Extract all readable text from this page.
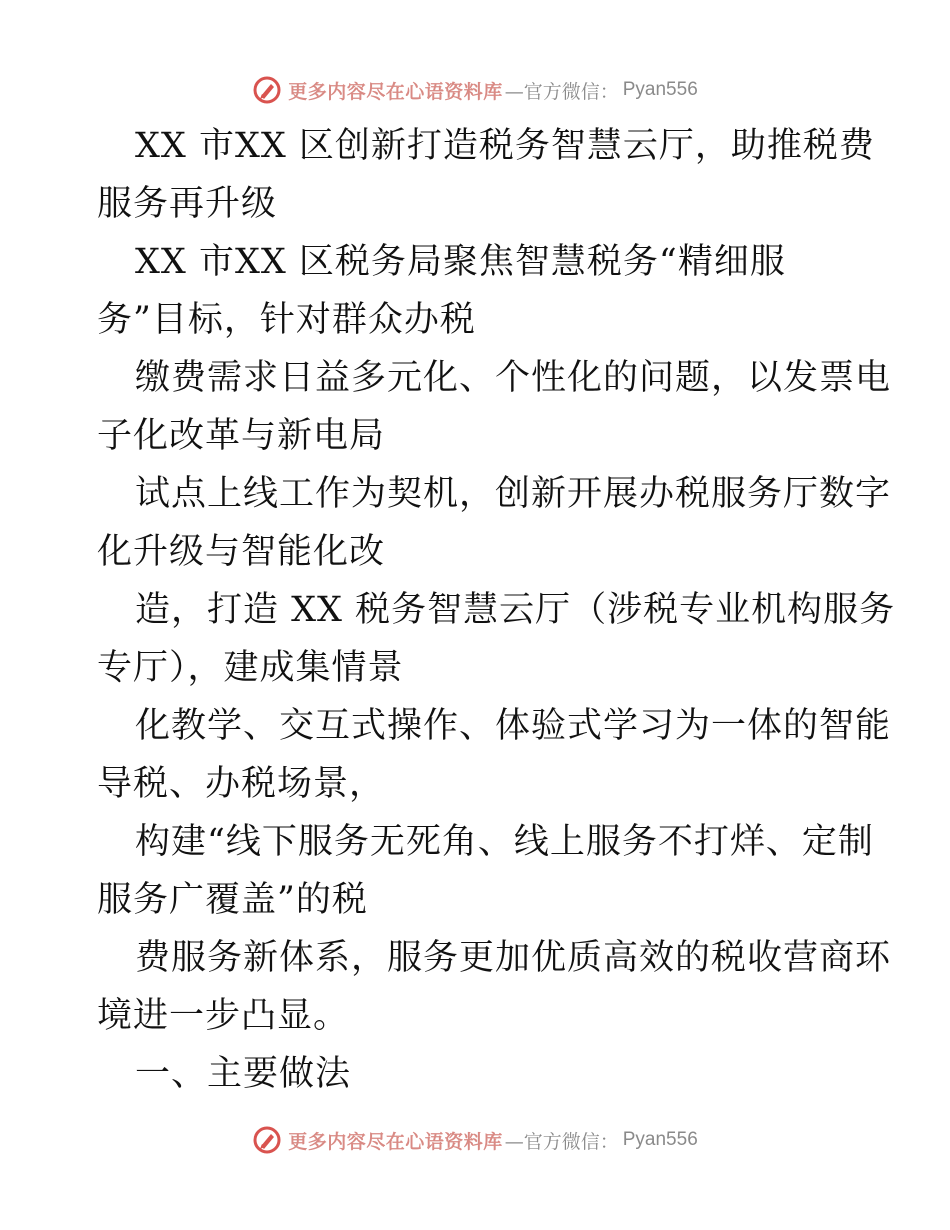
更多内容尽在心语资料库 —官方微信： Pyan556
XX 市XX 区创新打造税务智慧云厅，助推税费
服务再升级
XX 市XX 区税务局聚焦智慧税务“精细服
务”目标，针对群众办税
缴费需求日益多元化、个性化的问题，以发票电
子化改革与新电局
试点上线工作为契机，创新开展办税服务厅数字
化升级与智能化改
造，打造 XX 税务智慧云厅（涉税专业机构服务
专厅），建成集情景
化教学、交互式操作、体验式学习为一体的智能
导税、办税场景，
构建“线下服务无死角、线上服务不打烊、定制
服务广覆盖”的税
费服务新体系，服务更加优质高效的税收营商环
境进一步凸显。
一、主要做法
更多内容尽在心语资料库 —官方微信： Pyan556
